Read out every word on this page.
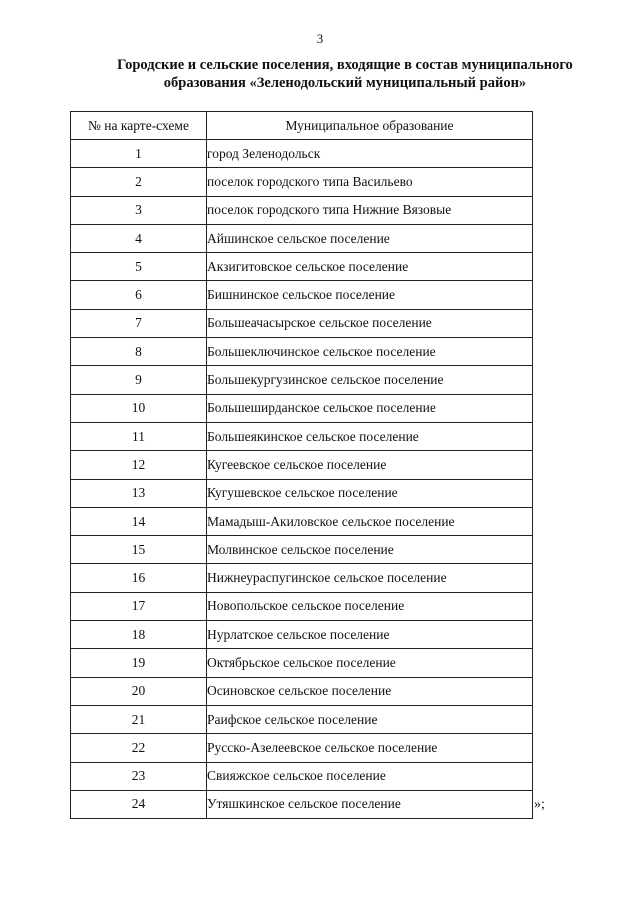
3
Городские и сельские поселения, входящие в состав муниципального
образования «Зеленодольский муниципальный район»
№ на карте-схеме	Муниципальное образование
1	город Зеленодольск
2	поселок городского типа Васильево
3	поселок городского типа Нижние Вязовые
4	Айшинское сельское поселение
5	Акзигитовское сельское поселение
6	Бишнинское сельское поселение
7	Большеачасырское сельское поселение
8	Большеключинское сельское поселение
9	Большекургузинское сельское поселение
10	Большеширданское сельское поселение
11	Большеякинское сельское поселение
12	Кугеевское сельское поселение
13	Кугушевское сельское поселение
14	Мамадыш-Акиловское сельское поселение
15	Молвинское сельское поселение
16	Нижнеураспугинское сельское поселение
17	Новопольское сельское поселение
18	Нурлатское сельское поселение
19	Октябрьское сельское поселение
20	Осиновское сельское поселение
21	Раифское сельское поселение
22	Русско-Азелеевское сельское поселение
23	Свияжское сельское поселение
24	Утяшкинское сельское поселение	»;
